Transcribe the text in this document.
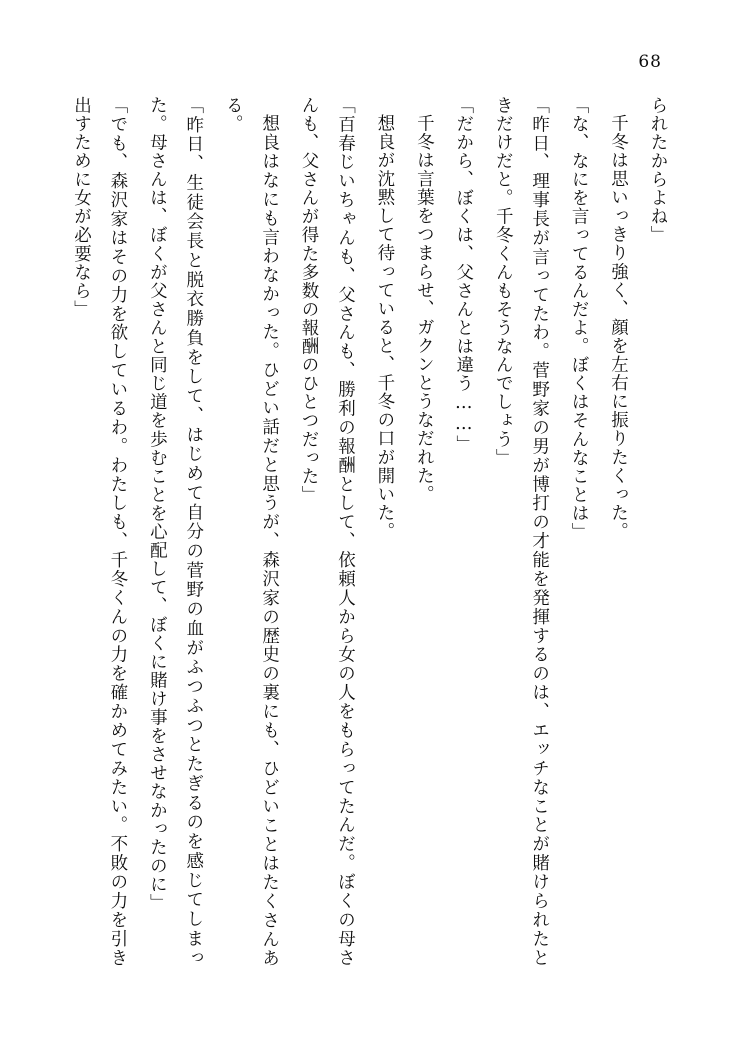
68

られたからよね」

千冬は思いっきり強く、顔を左右に振りたくった。

「な、なにを言ってるんだよ。ぼくはそんなことは」

「昨日、理事長が言ってたわ。菅野家の男が博打の才能を発揮するのは、エッチなことが賭けられたときだけだと。千冬くんもそうなんでしょう」

「だから、ぼくは、父さんとは違う……」

千冬は言葉をつまらせ、ガクンとうなだれた。

想良が沈黙して待っていると、千冬の口が開いた。

「百春じいちゃんも、父さんも、勝利の報酬として、依頼人から女の人をもらってたんだ。ぼくの母さんも、父さんが得た多数の報酬のひとつだった」

想良はなにも言わなかった。ひどい話だと思うが、森沢家の歴史の裏にも、ひどいことはたくさんある。

「昨日、生徒会長と脱衣勝負をして、はじめて自分の菅野の血がふつふつとたぎるのを感じてしまった。母さんは、ぼくが父さんと同じ道を歩むことを心配して、ぼくに賭け事をさせなかったのに」

「でも、森沢家はその力を欲しているわ。わたしも、千冬くんの力を確かめてみたい。不敗の力を引き出すために女が必要なら」
